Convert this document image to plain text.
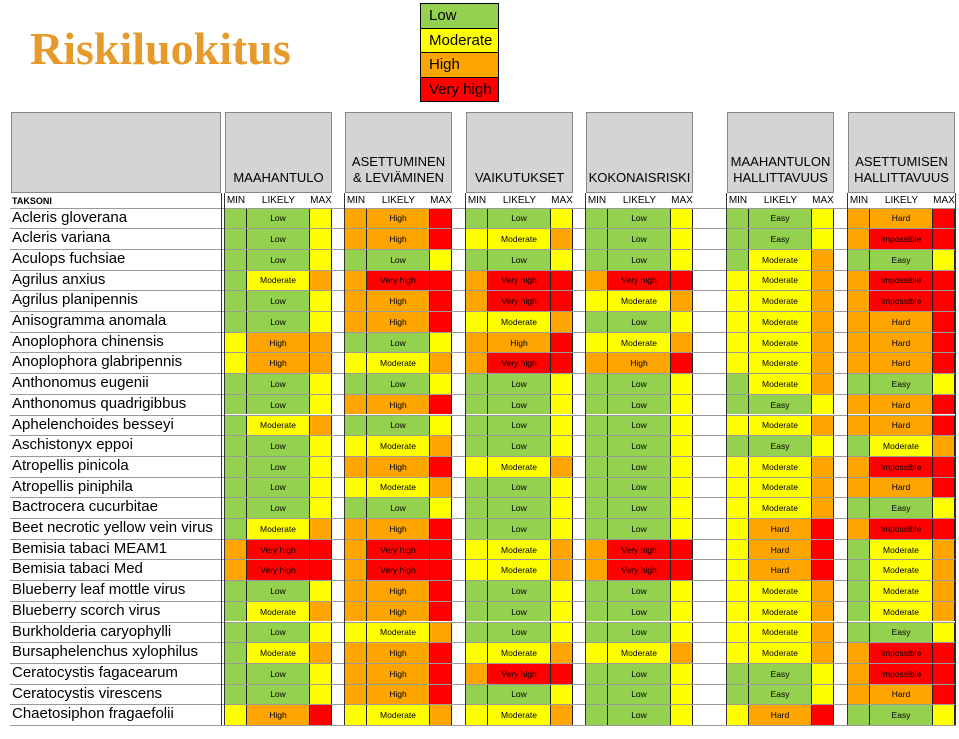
Riskiluokitus
Low
Moderate
High
Very high
MAAHANTULO
MIN	LIKELY	MAX
ASETTUMINEN & LEVIÄMINEN
MIN	LIKELY	MAX
VAIKUTUKSET
MIN	LIKELY	MAX
KOKONAISRISKI
MIN	LIKELY	MAX
MAAHANTULON HALLITTAVUUS
MIN	LIKELY	MAX
ASETTUMISEN HALLITTAVUUS
MIN	LIKELY	MAX
TAKSONI
Acleris gloverana	Low	High	Low	Low	Easy	Hard
Acleris variana	Low	High	Moderate	Low	Easy	Impossible
Aculops fuchsiae	Low	Low	Low	Low	Moderate	Easy
Agrilus anxius	Moderate	Very high	Very high	Very high	Moderate	Impossible
Agrilus planipennis	Low	High	Very high	Moderate	Moderate	Impossible
Anisogramma anomala	Low	High	Moderate	Low	Moderate	Hard
Anoplophora chinensis	High	Low	High	Moderate	Moderate	Hard
Anoplophora glabripennis	High	Moderate	Very high	High	Moderate	Hard
Anthonomus eugenii	Low	Low	Low	Low	Moderate	Easy
Anthonomus quadrigibbus	Low	High	Low	Low	Easy	Hard
Aphelenchoides besseyi	Moderate	Low	Low	Low	Moderate	Hard
Aschistonyx eppoi	Low	Moderate	Low	Low	Easy	Moderate
Atropellis pinicola	Low	High	Moderate	Low	Moderate	Impossible
Atropellis piniphila	Low	Moderate	Low	Low	Moderate	Hard
Bactrocera cucurbitae	Low	Low	Low	Low	Moderate	Easy
Beet necrotic yellow vein virus	Moderate	High	Low	Low	Hard	Impossible
Bemisia tabaci MEAM1	Very high	Very high	Moderate	Very high	Hard	Moderate
Bemisia tabaci Med	Very high	Very high	Moderate	Very high	Hard	Moderate
Blueberry leaf mottle virus	Low	High	Low	Low	Moderate	Moderate
Blueberry scorch virus	Moderate	High	Low	Low	Moderate	Moderate
Burkholderia caryophylli	Low	Moderate	Low	Low	Moderate	Easy
Bursaphelenchus xylophilus	Moderate	High	Moderate	Moderate	Moderate	Impossible
Ceratocystis fagacearum	Low	High	Very high	Low	Easy	Impossible
Ceratocystis virescens	Low	High	Low	Low	Easy	Hard
Chaetosiphon fragaefolii	High	Moderate	Moderate	Low	Hard	Easy
